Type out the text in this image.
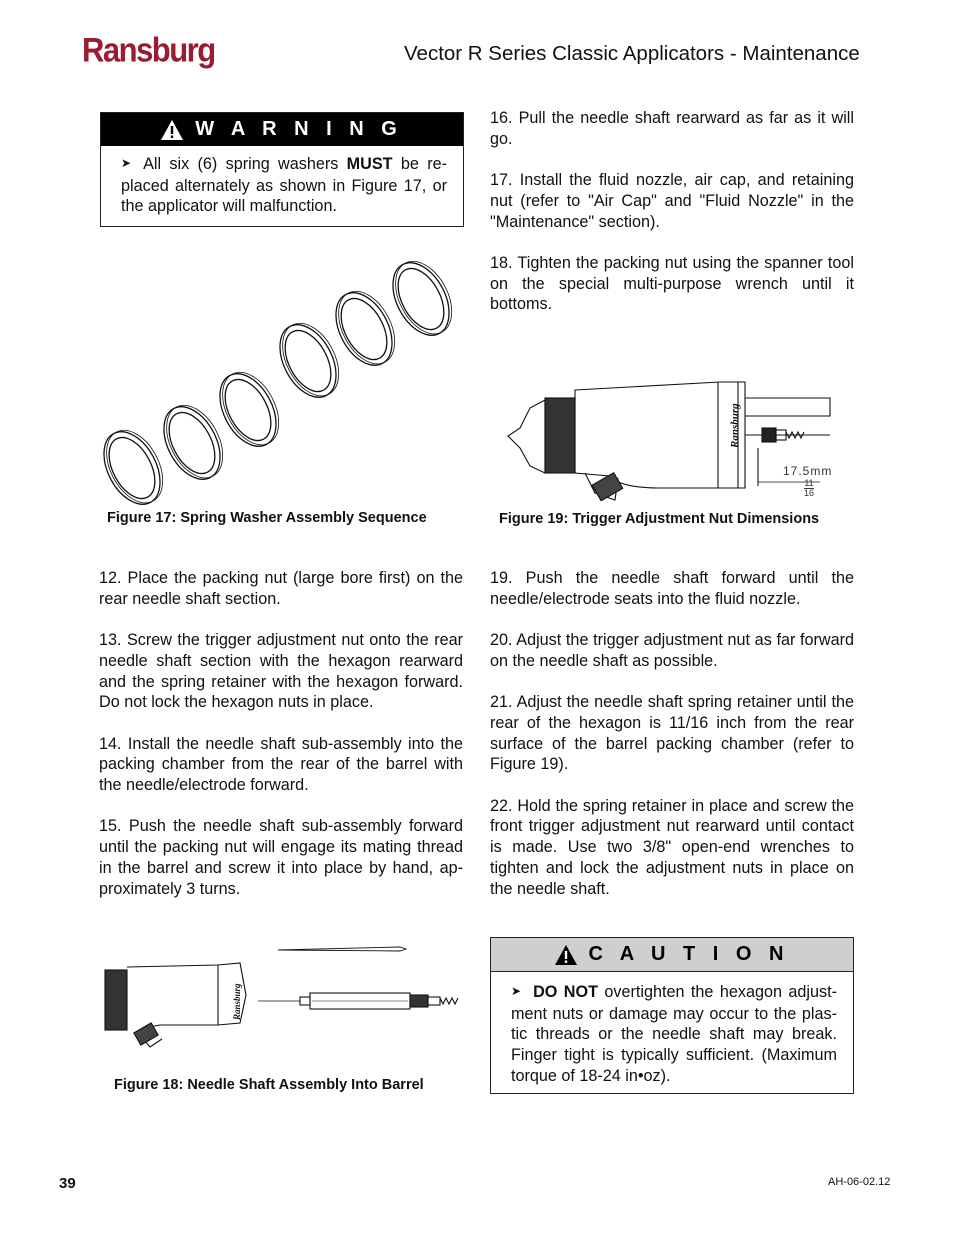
Ransburg	Vector R Series Classic Applicators - Maintenance
W A R N I N G
➤ All six (6) spring washers MUST be re-placed alternately as shown in Figure 17, or the applicator will malfunction.
Figure 17: Spring Washer Assembly Sequence

16. Pull the needle shaft rearward as far as it will go.

17. Install the fluid nozzle, air cap, and retaining nut (refer to "Air Cap" and "Fluid Nozzle" in the "Maintenance" section).

18. Tighten the packing nut using the spanner tool on the special multi-purpose wrench until it bottoms.

Ransburg
17.5mm
$\frac{11}{16}$
Figure 19: Trigger Adjustment Nut Dimensions

12. Place the packing nut (large bore first) on the rear needle shaft section.

13. Screw the trigger adjustment nut onto the rear needle shaft section with the hexagon rearward and the spring retainer with the hexagon forward. Do not lock the hexagon nuts in place.

14. Install the needle shaft sub-assembly into the packing chamber from the rear of the barrel with the needle/electrode forward.

15. Push the needle shaft sub-assembly forward until the packing nut will engage its mating thread in the barrel and screw it into place by hand, ap-proximately 3 turns.

19. Push the needle shaft forward until the needle/electrode seats into the fluid nozzle.

20. Adjust the trigger adjustment nut as far forward on the needle shaft as possible.

21. Adjust the needle shaft spring retainer until the rear of the hexagon is 11/16 inch from the rear surface of the barrel packing chamber (refer to Figure 19).

22. Hold the spring retainer in place and screw the front trigger adjustment nut rearward until contact is made. Use two 3/8" open-end wrenches to tighten and lock the adjustment nuts in place on the needle shaft.

Ransburg
Figure 18: Needle Shaft Assembly Into Barrel
C A U T I O N
➤ DO NOT overtighten the hexagon adjust-ment nuts or damage may occur to the plas-tic threads or the needle shaft may break. Finger tight is typically sufficient. (Maximum torque of 18-24 in•oz).
39	AH-06-02.12
